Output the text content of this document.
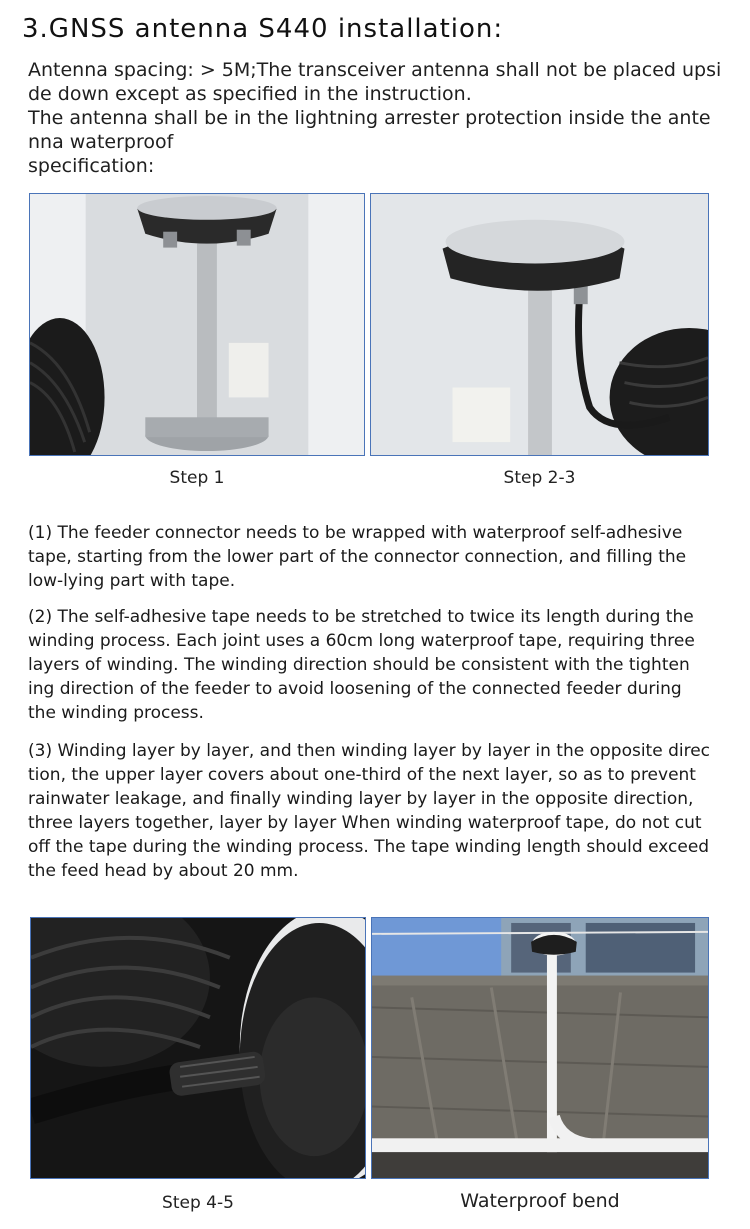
3.GNSS antenna S440 installation:
Antenna spacing: > 5M;The transceiver antenna shall not be placed upsi
de down except as specified in the instruction.
The antenna shall be in the lightning arrester protection inside the ante
nna waterproof
specification:
Step 1	Step 2-3
(1) The feeder connector needs to be wrapped with waterproof self-adhesive
tape, starting from the lower part of the connector connection, and filling the
low-lying part with tape.
(2) The self-adhesive tape needs to be stretched to twice its length during the
winding process. Each joint uses a 60cm long waterproof tape, requiring three
layers of winding. The winding direction should be consistent with the tighten
ing direction of the feeder to avoid loosening of the connected feeder during
the winding process.
(3) Winding layer by layer, and then winding layer by layer in the opposite direc
tion, the upper layer covers about one-third of the next layer, so as to prevent
rainwater leakage, and finally winding layer by layer in the opposite direction,
three layers together, layer by layer When winding waterproof tape, do not cut
off the tape during the winding process. The tape winding length should exceed
the feed head by about 20 mm.
Step 4-5	Waterproof bend
